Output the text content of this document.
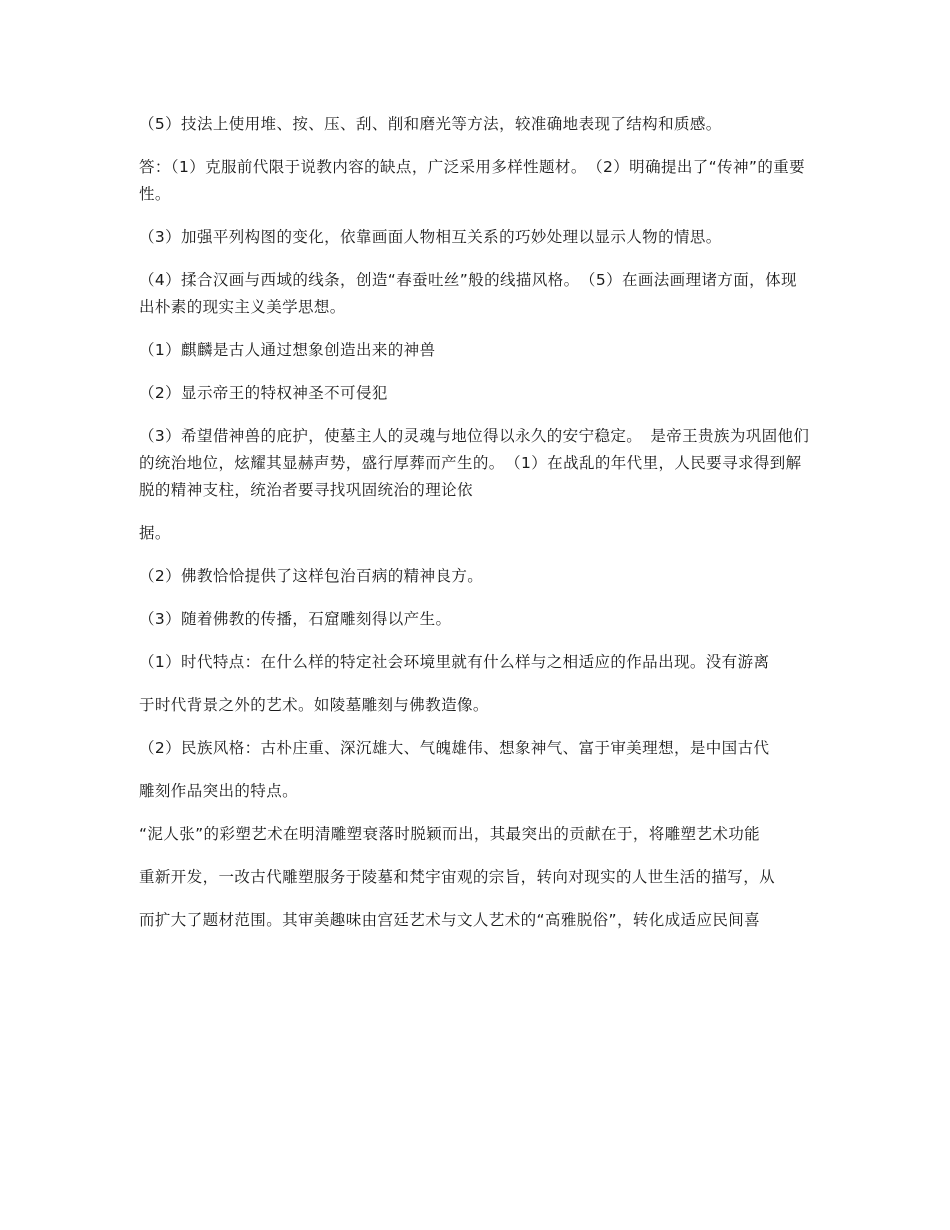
（5）技法上使用堆、按、压、刮、削和磨光等方法，较准确地表现了结构和质感。

答：（1）克服前代限于说教内容的缺点，广泛采用多样性题材。　（2）明确提出了“传神”的重要性。

（3）加强平列构图的变化，依靠画面人物相互关系的巧妙处理以显示人物的情思。

（4）揉合汉画与西域的线条，创造“春蚕吐丝”般的线描风格。　（5）在画法画理诸方面，体现出朴素的现实主义美学思想。

（1）麒麟是古人通过想象创造出来的神兽

（2）显示帝王的特权神圣不可侵犯

（3）希望借神兽的庇护，使墓主人的灵魂与地位得以永久的安宁稳定。　是帝王贵族为巩固他们的统治地位，炫耀其显赫声势，盛行厚葬而产生的。　（1）在战乱的年代里，人民要寻求得到解脱的精神支柱，统治者要寻找巩固统治的理论依

据。

（2）佛教恰恰提供了这样包治百病的精神良方。

（3）随着佛教的传播，石窟雕刻得以产生。

（1）时代特点：在什么样的特定社会环境里就有什么样与之相适应的作品出现。没有游离

于时代背景之外的艺术。如陵墓雕刻与佛教造像。

（2）民族风格：古朴庄重、深沉雄大、气魄雄伟、想象神气、富于审美理想，是中国古代

雕刻作品突出的特点。

“泥人张”的彩塑艺术在明清雕塑衰落时脱颖而出，其最突出的贡献在于，将雕塑艺术功能

重新开发，一改古代雕塑服务于陵墓和梵宇宙观的宗旨，转向对现实的人世生活的描写，从

而扩大了题材范围。其审美趣味由宫廷艺术与文人艺术的“高雅脱俗”，转化成适应民间喜
